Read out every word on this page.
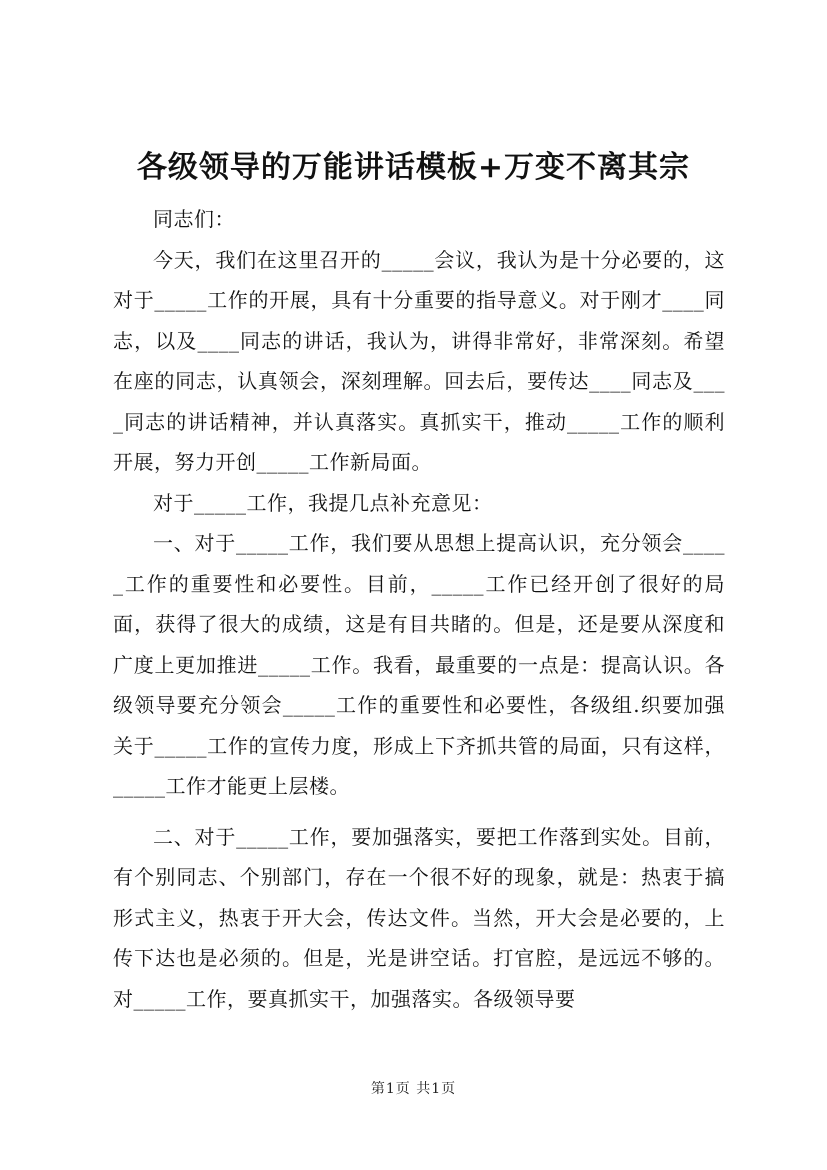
各级领导的万能讲话模板+万变不离其宗

同志们：

今天，我们在这里召开的_____会议，我认为是十分必要的，这对于_____工作的开展，具有十分重要的指导意义。对于刚才____同志，以及____同志的讲话，我认为，讲得非常好，非常深刻。希望在座的同志，认真领会，深刻理解。回去后，要传达____同志及____同志的讲话精神，并认真落实。真抓实干，推动_____工作的顺利开展，努力开创_____工作新局面。

对于_____工作，我提几点补充意见：

一、对于_____工作，我们要从思想上提高认识，充分领会_____工作的重要性和必要性。目前，_____工作已经开创了很好的局面，获得了很大的成绩，这是有目共睹的。但是，还是要从深度和广度上更加推进_____工作。我看，最重要的一点是：提高认识。各级领导要充分领会_____工作的重要性和必要性，各级组.织要加强关于_____工作的宣传力度，形成上下齐抓共管的局面，只有这样，_____工作才能更上层楼。

二、对于_____工作，要加强落实，要把工作落到实处。目前，有个别同志、个别部门，存在一个很不好的现象，就是：热衷于搞形式主义，热衷于开大会，传达文件。当然，开大会是必要的，上传下达也是必须的。但是，光是讲空话。打官腔，是远远不够的。对_____工作，要真抓实干，加强落实。各级领导要

第1页 共1页
